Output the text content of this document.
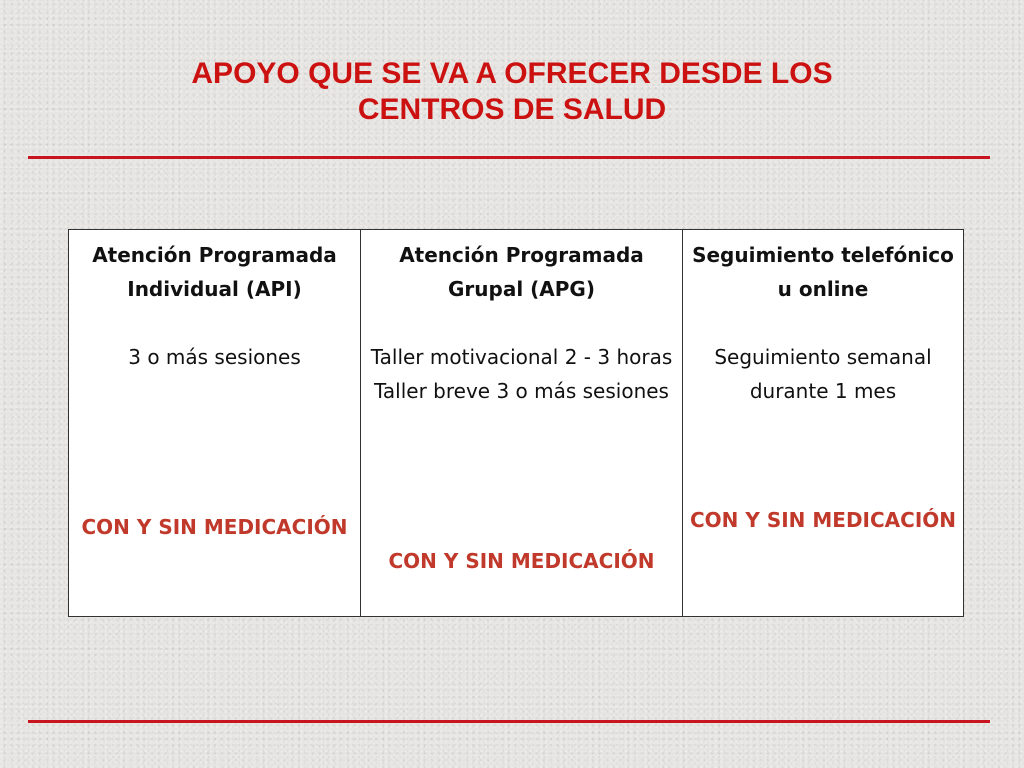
APOYO QUE SE VA A OFRECER DESDE LOS
CENTROS DE SALUD
Atención Programada Individual (API)
3 o más sesiones
CON Y SIN MEDICACIÓN
Atención Programada Grupal (APG)
Taller motivacional 2 - 3 horas
Taller breve 3 o más sesiones
CON Y SIN MEDICACIÓN
Seguimiento telefónico u online
Seguimiento semanal durante 1 mes
CON Y SIN MEDICACIÓN
